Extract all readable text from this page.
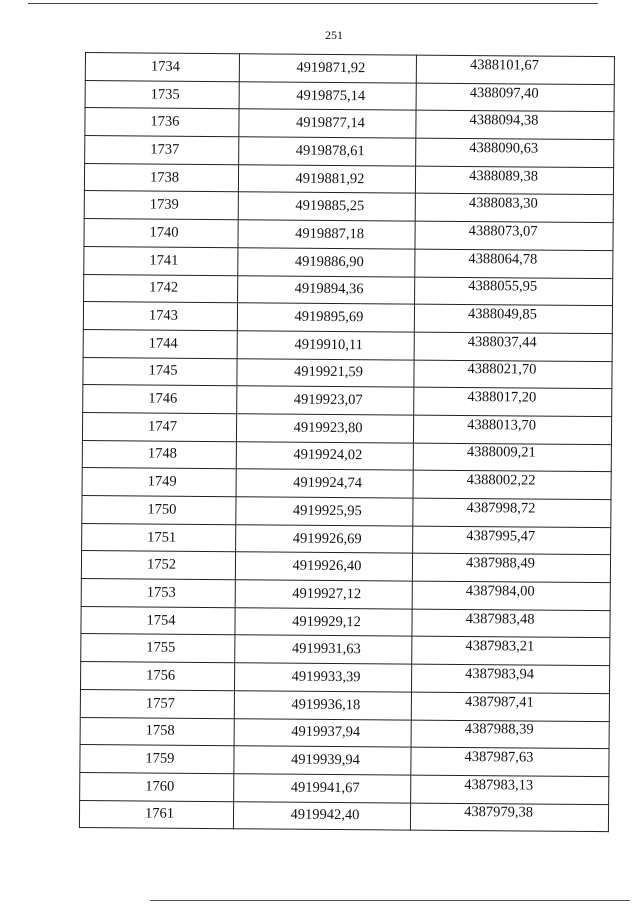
251
1734	4919871,92	4388101,67
1735	4919875,14	4388097,40
1736	4919877,14	4388094,38
1737	4919878,61	4388090,63
1738	4919881,92	4388089,38
1739	4919885,25	4388083,30
1740	4919887,18	4388073,07
1741	4919886,90	4388064,78
1742	4919894,36	4388055,95
1743	4919895,69	4388049,85
1744	4919910,11	4388037,44
1745	4919921,59	4388021,70
1746	4919923,07	4388017,20
1747	4919923,80	4388013,70
1748	4919924,02	4388009,21
1749	4919924,74	4388002,22
1750	4919925,95	4387998,72
1751	4919926,69	4387995,47
1752	4919926,40	4387988,49
1753	4919927,12	4387984,00
1754	4919929,12	4387983,48
1755	4919931,63	4387983,21
1756	4919933,39	4387983,94
1757	4919936,18	4387987,41
1758	4919937,94	4387988,39
1759	4919939,94	4387987,63
1760	4919941,67	4387983,13
1761	4919942,40	4387979,38
